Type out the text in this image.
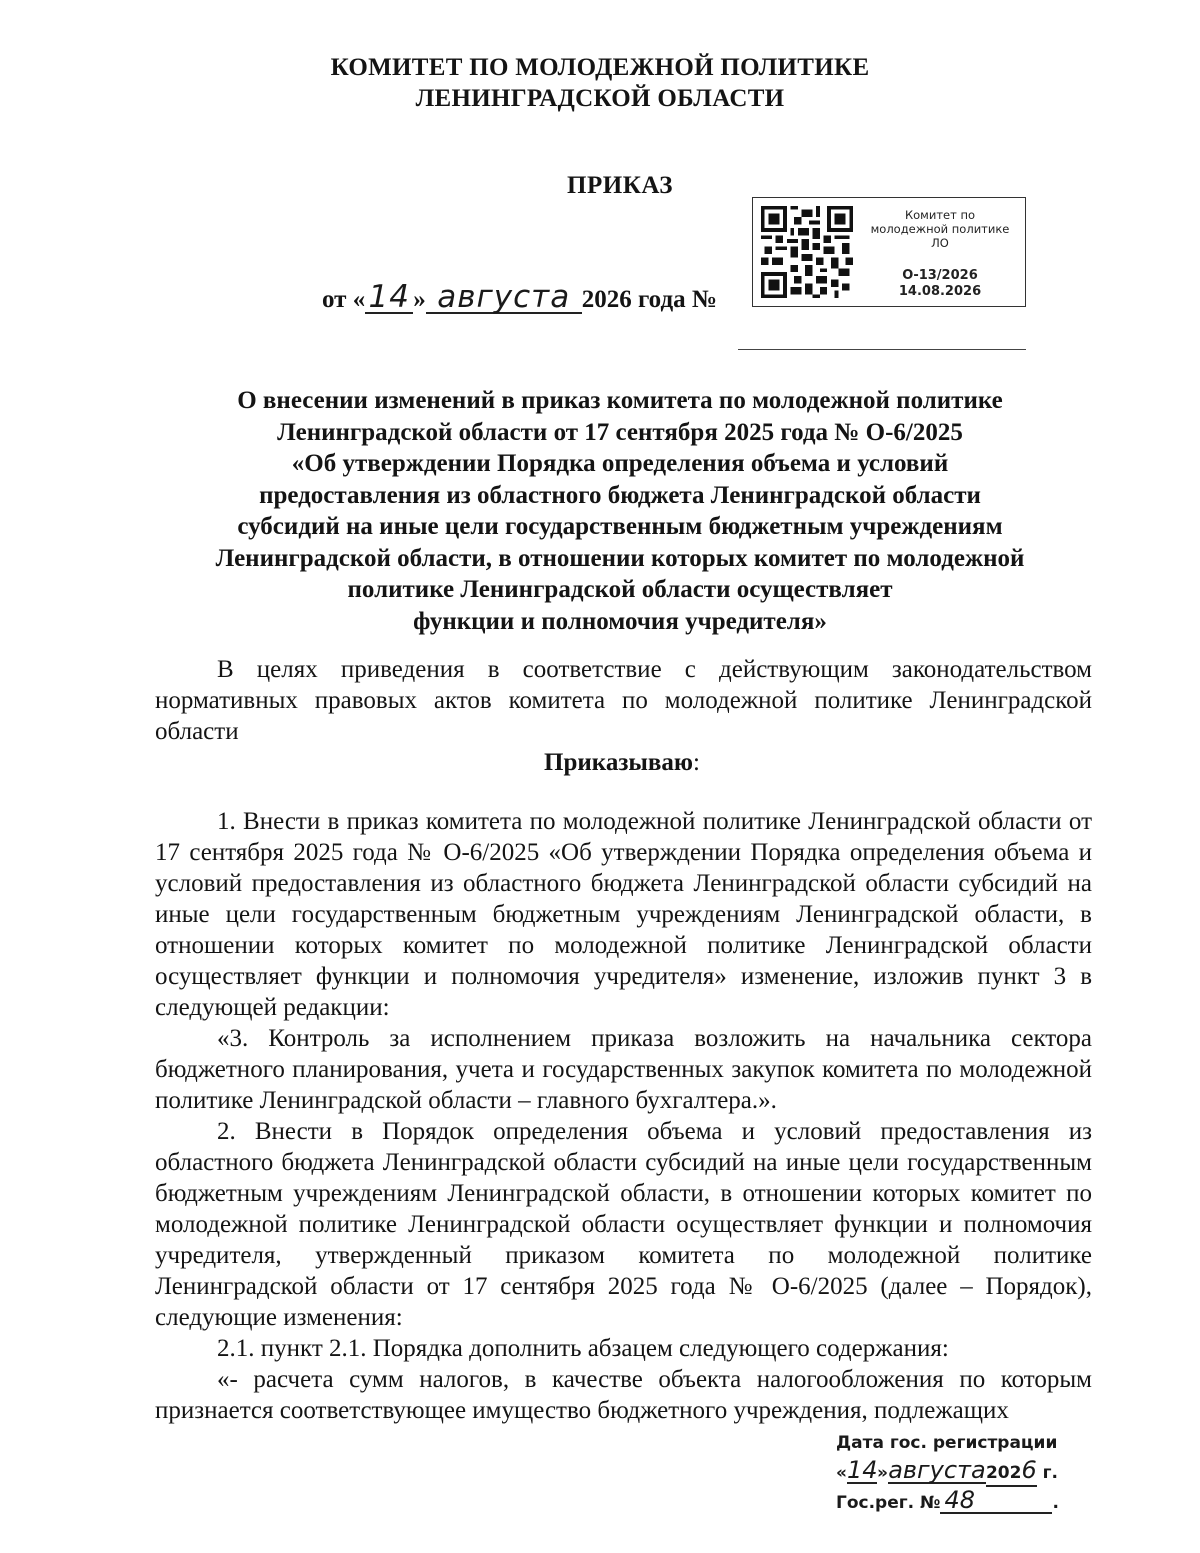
КОМИТЕТ ПО МОЛОДЕЖНОЙ ПОЛИТИКЕ
ЛЕНИНГРАДСКОЙ ОБЛАСТИ
ПРИКАЗ
от « 14 » августа 2026 года №
Комитет по
молодежной политике
ЛО
О-13/2026
14.08.2026
О внесении изменений в приказ комитета по молодежной политике
Ленинградской области от 17 сентября 2025 года № О-6/2025
«Об утверждении Порядка определения объема и условий
предоставления из областного бюджета Ленинградской области
субсидий на иные цели государственным бюджетным учреждениям
Ленинградской области, в отношении которых комитет по молодежной
политике Ленинградской области осуществляет
функции и полномочия учредителя»

В целях приведения в соответствие с действующим законодательством нормативных правовых актов комитета по молодежной политике Ленинградской области

Приказываю:

1. Внести в приказ комитета по молодежной политике Ленинградской области от 17 сентября 2025 года № О-6/2025 «Об утверждении Порядка определения объема и условий предоставления из областного бюджета Ленинградской области субсидий на иные цели государственным бюджетным учреждениям Ленинградской области, в отношении которых комитет по молодежной политике Ленинградской области осуществляет функции и полномочия учредителя» изменение, изложив пункт 3 в следующей редакции:

«3. Контроль за исполнением приказа возложить на начальника сектора бюджетного планирования, учета и государственных закупок комитета по молодежной политике Ленинградской области – главного бухгалтера.».

2. Внести в Порядок определения объема и условий предоставления из областного бюджета Ленинградской области субсидий на иные цели государственным бюджетным учреждениям Ленинградской области, в отношении которых комитет по молодежной политике Ленинградской области осуществляет функции и полномочия учредителя, утвержденный приказом комитета по молодежной политике Ленинградской области от 17 сентября 2025 года № О-6/2025 (далее – Порядок), следующие изменения:

2.1. пункт 2.1. Порядка дополнить абзацем следующего содержания:

«- расчета сумм налогов, в качестве объекта налогообложения по которым признается соответствующее имущество бюджетного учреждения, подлежащих

Дата гос. регистрации
«14»августа2026 г.
Гос.рег. № 48	.
